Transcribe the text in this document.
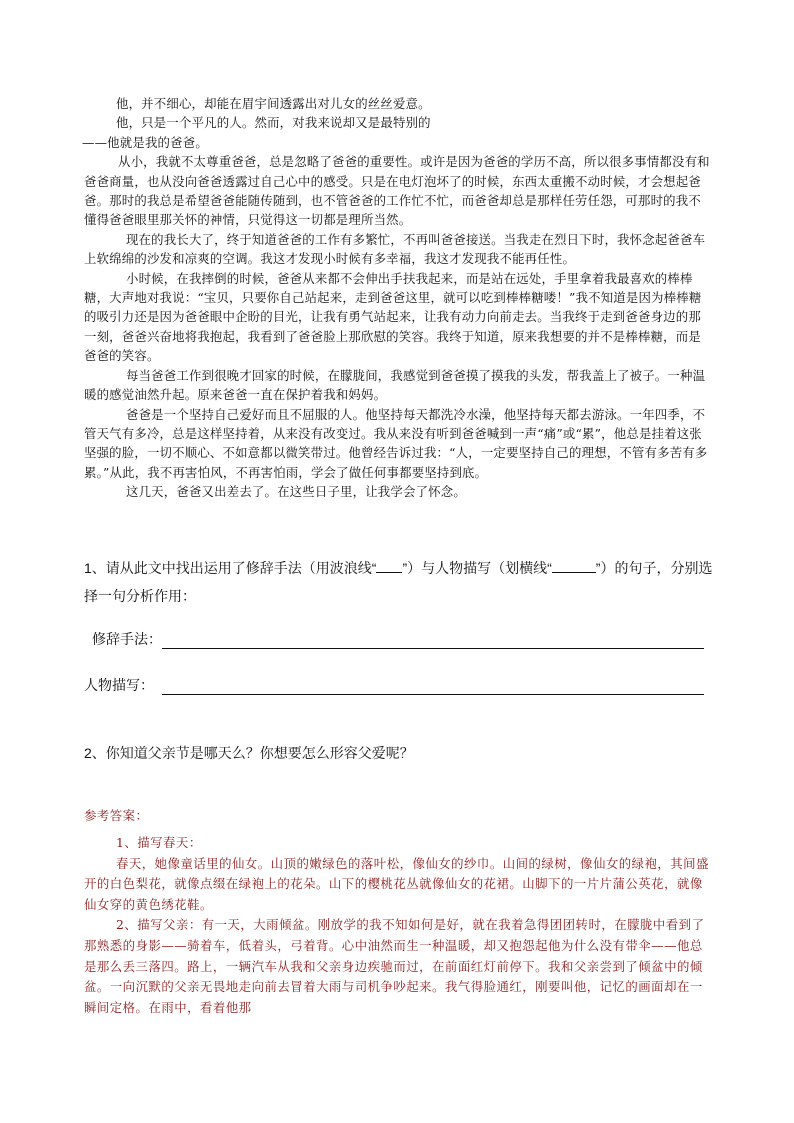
他，并不细心，却能在眉宇间透露出对儿女的丝丝爱意。

他，只是一个平凡的人。然而，对我来说却又是最特别的

——他就是我的爸爸。

从小，我就不太尊重爸爸，总是忽略了爸爸的重要性。或许是因为爸爸的学历不高，所以很多事情都没有和爸爸商量，也从没向爸爸透露过自己心中的感受。只是在电灯泡坏了的时候，东西太重搬不动时候，才会想起爸爸。那时的我总是希望爸爸能随传随到，也不管爸爸的工作忙不忙，而爸爸却总是那样任劳任怨，可那时的我不懂得爸爸眼里那关怀的神情，只觉得这一切都是理所当然。

现在的我长大了，终于知道爸爸的工作有多繁忙，不再叫爸爸接送。当我走在烈日下时，我怀念起爸爸车上软绵绵的沙发和凉爽的空调。我这才发现小时候有多幸福，我这才发现我不能再任性。

小时候，在我摔倒的时候，爸爸从来都不会伸出手扶我起来，而是站在远处，手里拿着我最喜欢的棒棒糖，大声地对我说：“宝贝，只要你自己站起来，走到爸爸这里，就可以吃到棒棒糖喽！”我不知道是因为棒棒糖的吸引力还是因为爸爸眼中企盼的目光，让我有勇气站起来，让我有动力向前走去。当我终于走到爸爸身边的那一刻，爸爸兴奋地将我抱起，我看到了爸爸脸上那欣慰的笑容。我终于知道，原来我想要的并不是棒棒糖，而是爸爸的笑容。

每当爸爸工作到很晚才回家的时候，在朦胧间，我感觉到爸爸摸了摸我的头发，帮我盖上了被子。一种温暖的感觉油然升起。原来爸爸一直在保护着我和妈妈。

爸爸是一个坚持自己爱好而且不屈服的人。他坚持每天都洗冷水澡，他坚持每天都去游泳。一年四季，不管天气有多冷，总是这样坚持着，从来没有改变过。我从来没有听到爸爸喊到一声“痛”或“累”，他总是挂着这张坚强的脸，一切不顺心、不如意都以微笑带过。他曾经告诉过我：“人，一定要坚持自己的理想，不管有多苦有多累。”从此，我不再害怕风，不再害怕雨，学会了做任何事都要坚持到底。

这几天，爸爸又出差去了。在这些日子里，让我学会了怀念。

1、请从此文中找出运用了修辞手法（用波浪线“ ”）与人物描写（划横线“	”）的句子，分别选择一句分析作用：
修辞手法：
人物描写：
2、你知道父亲节是哪天么？你想要怎么形容父爱呢？
参考答案：

1、描写春天：

春天，她像童话里的仙女。山顶的嫩绿色的落叶松，像仙女的纱巾。山间的绿树，像仙女的绿袍，其间盛开的白色梨花，就像点缀在绿袍上的花朵。山下的樱桃花丛就像仙女的花裙。山脚下的一片片蒲公英花，就像仙女穿的黄色绣花鞋。

2、描写父亲：有一天，大雨倾盆。刚放学的我不知如何是好，就在我着急得团团转时，在朦胧中看到了那熟悉的身影——骑着车，低着头，弓着背。心中油然而生一种温暖，却又抱怨起他为什么没有带伞——他总是那么丢三落四。路上，一辆汽车从我和父亲身边疾驰而过，在前面红灯前停下。我和父亲尝到了倾盆中的倾盆。一向沉默的父亲无畏地走向前去冒着大雨与司机争吵起来。我气得脸通红，刚要叫他，记忆的画面却在一瞬间定格。在雨中，看着他那
